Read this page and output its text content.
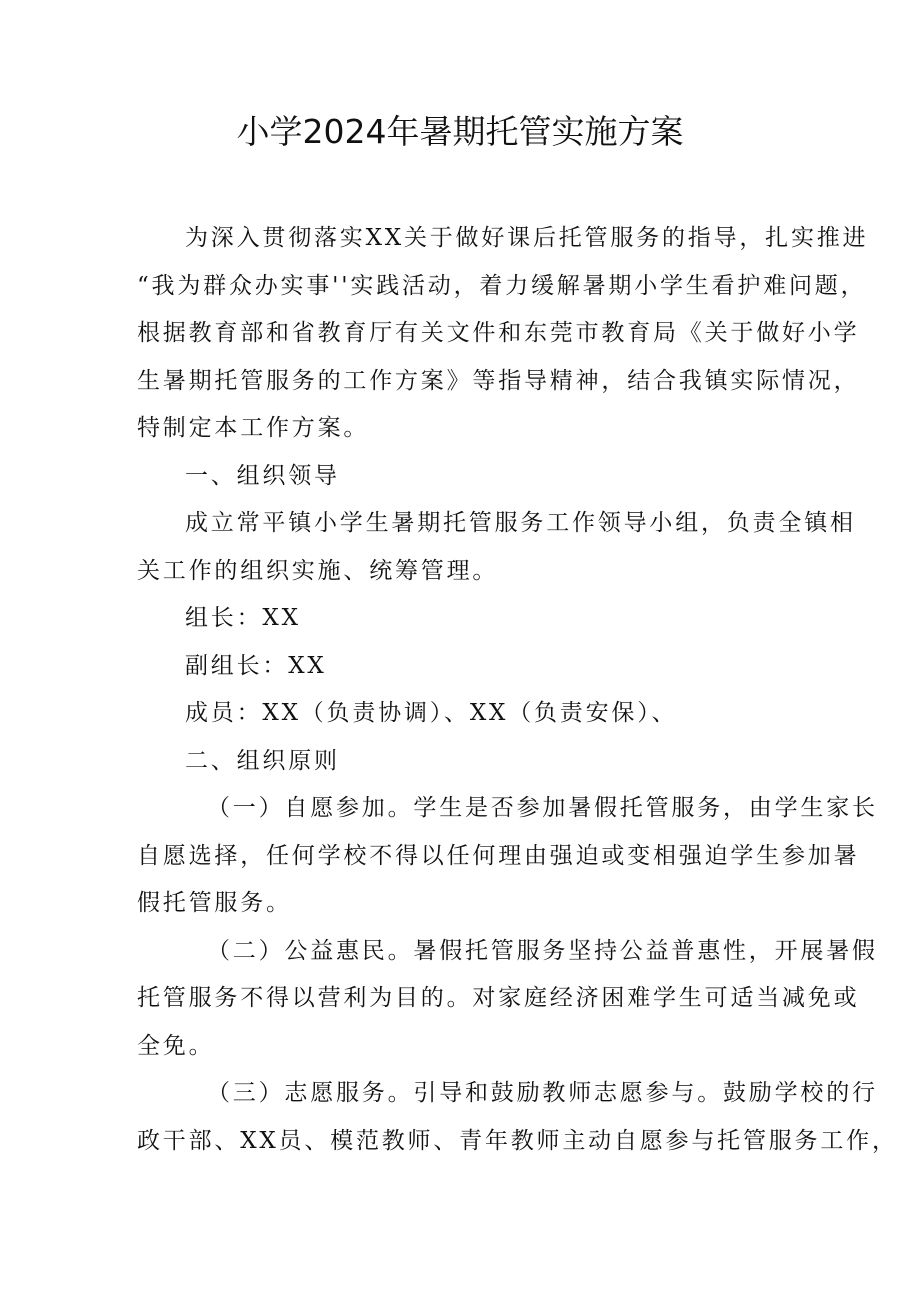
小学2024年暑期托管实施方案
为深入贯彻落实XX关于做好课后托管服务的指导，扎实推进
“我为群众办实事''实践活动，着力缓解暑期小学生看护难问题，
根据教育部和省教育厅有关文件和东莞市教育局《关于做好小学
生暑期托管服务的工作方案》等指导精神，结合我镇实际情况，
特制定本工作方案。
一、组织领导
成立常平镇小学生暑期托管服务工作领导小组，负责全镇相
关工作的组织实施、统筹管理。
组长：XX
副组长：XX
成员：XX（负责协调）、XX（负责安保）、
二、组织原则
（一）自愿参加。学生是否参加暑假托管服务，由学生家长
自愿选择，任何学校不得以任何理由强迫或变相强迫学生参加暑
假托管服务。
（二）公益惠民。暑假托管服务坚持公益普惠性，开展暑假
托管服务不得以营利为目的。对家庭经济困难学生可适当减免或
全免。
（三）志愿服务。引导和鼓励教师志愿参与。鼓励学校的行
政干部、XX员、模范教师、青年教师主动自愿参与托管服务工作，
